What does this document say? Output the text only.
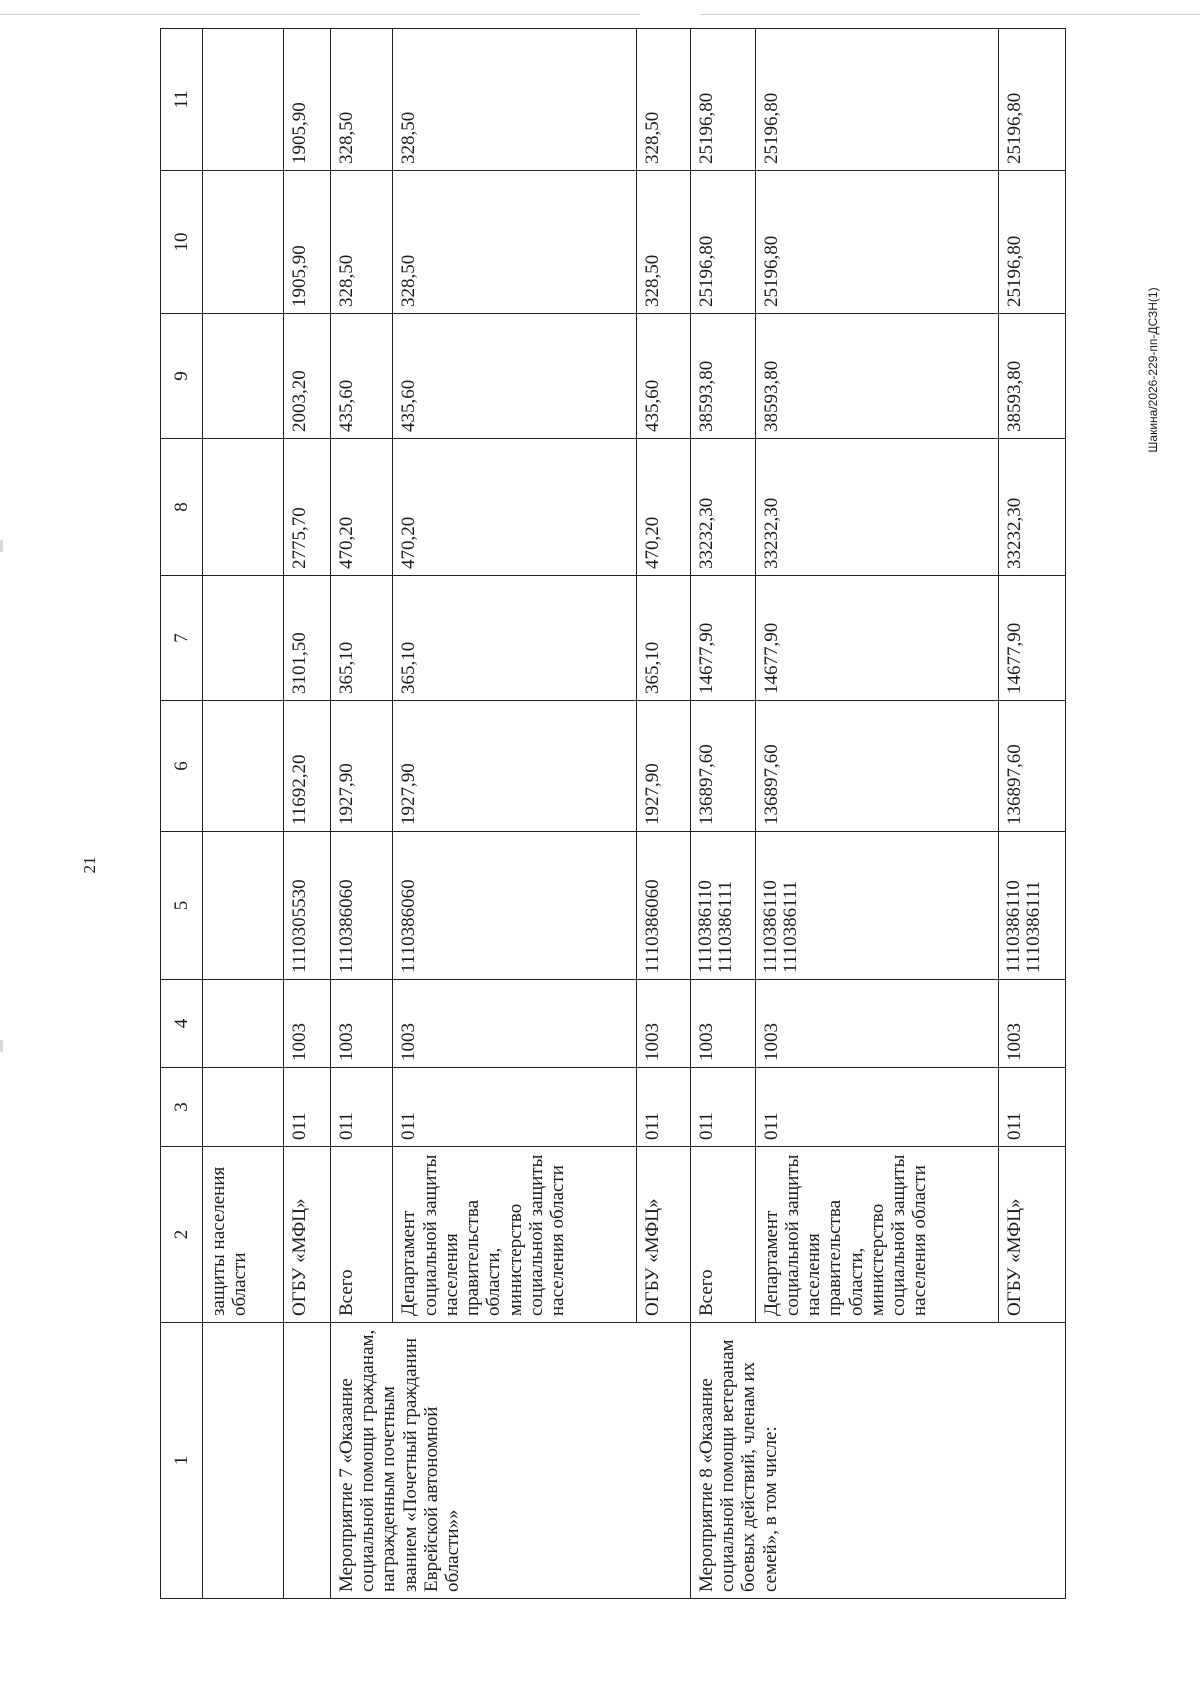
21
Шакина/2026-229-пп-ДСЗН(1)
1	2	3	4	5	6	7	8	9	10	11
	защиты населения области									
	ОГБУ «МФЦ»	011	1003	1110305530	11692,20	3101,50	2775,70	2003,20	1905,90	1905,90
Мероприятие 7 «Оказание социальной помощи гражданам, награжденным почетным званием «Почетный гражданин Еврейской автономной области»»	Всего	011	1003	1110386060	1927,90	365,10	470,20	435,60	328,50	328,50
	Департамент социальной защиты населения правительства области, министерство социальной защиты населения области	011	1003	1110386060	1927,90	365,10	470,20	435,60	328,50	328,50
	ОГБУ «МФЦ»	011	1003	1110386060	1927,90	365,10	470,20	435,60	328,50	328,50
Мероприятие 8 «Оказание социальной помощи ветеранам боевых действий, членам их семей», в том числе:	Всего	011	1003	1110386110
1110386111	136897,60	14677,90	33232,30	38593,80	25196,80	25196,80
	Департамент социальной защиты населения правительства области, министерство социальной защиты населения области	011	1003	1110386110
1110386111	136897,60	14677,90	33232,30	38593,80	25196,80	25196,80
	ОГБУ «МФЦ»	011	1003	1110386110
1110386111	136897,60	14677,90	33232,30	38593,80	25196,80	25196,80
